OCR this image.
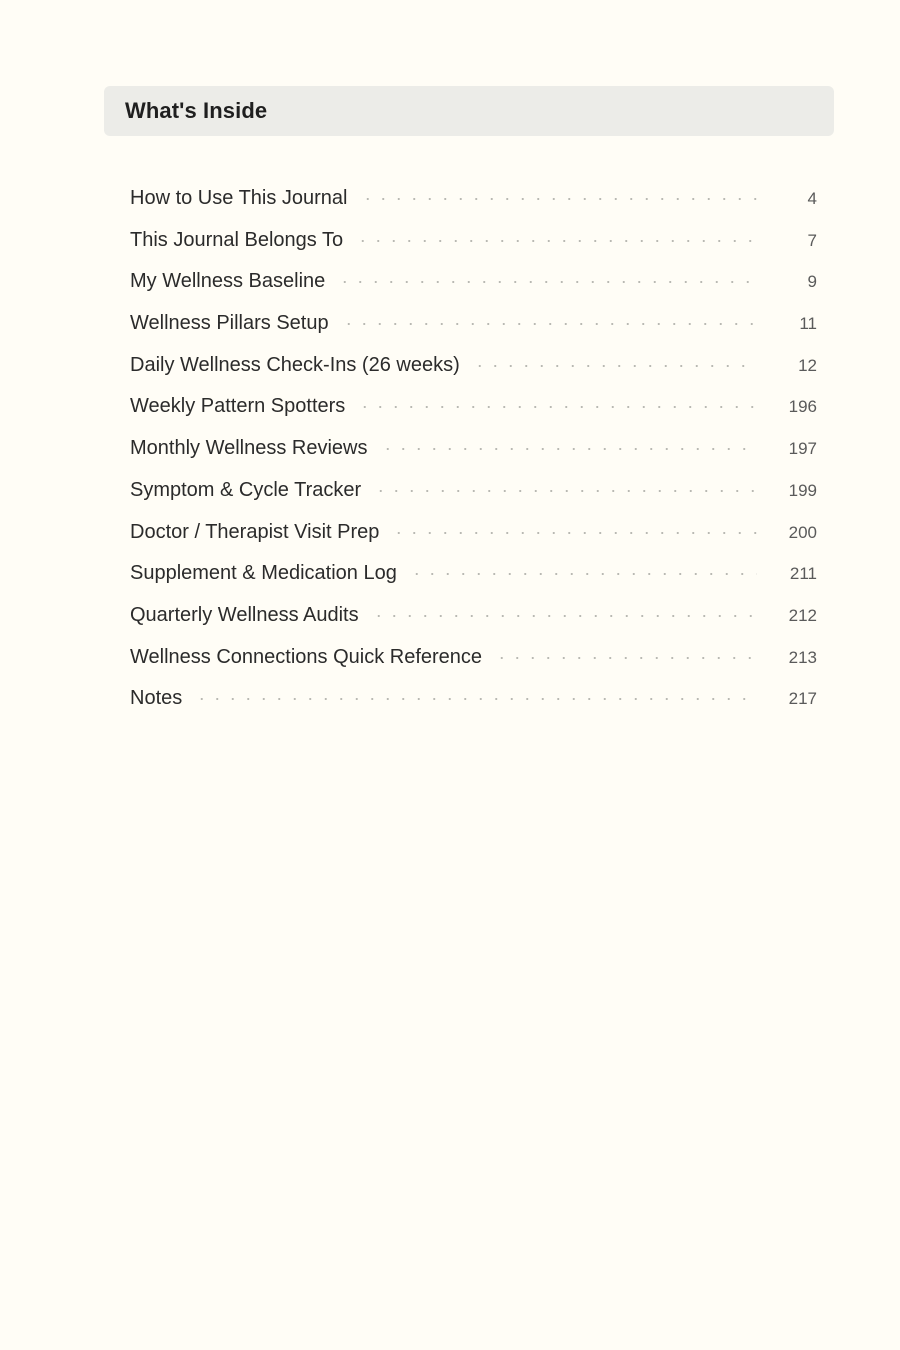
What's Inside
How to Use This Journal	4
This Journal Belongs To	7
My Wellness Baseline	9
Wellness Pillars Setup	11
Daily Wellness Check-Ins (26 weeks)	12
Weekly Pattern Spotters	196
Monthly Wellness Reviews	197
Symptom & Cycle Tracker	199
Doctor / Therapist Visit Prep	200
Supplement & Medication Log	211
Quarterly Wellness Audits	212
Wellness Connections Quick Reference	213
Notes	217
